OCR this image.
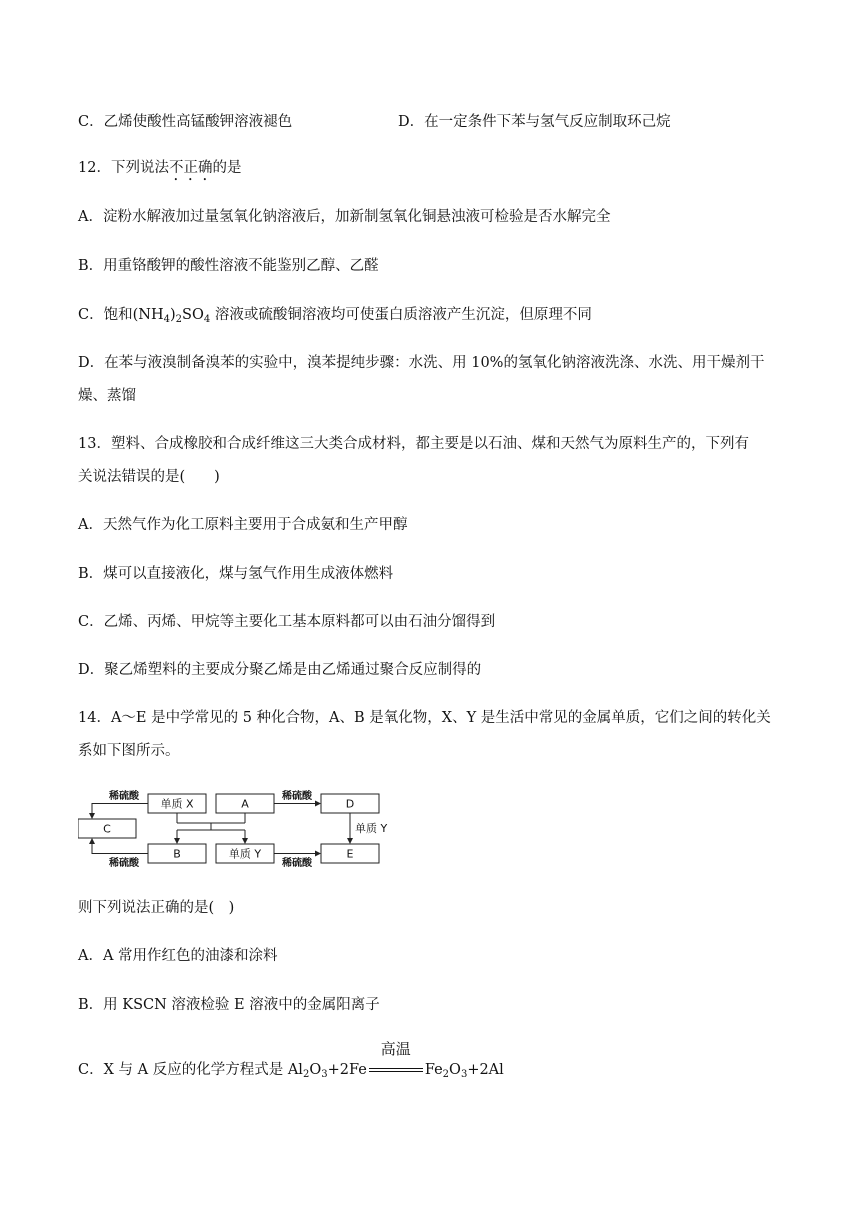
C．乙烯使酸性高锰酸钾溶液褪色	D．在一定条件下苯与氢气反应制取环己烷
12．下列说法不正确的是
A．淀粉水解液加过量氢氧化钠溶液后，加新制氢氧化铜悬浊液可检验是否水解完全
B．用重铬酸钾的酸性溶液不能鉴别乙醇、乙醛
C．饱和$(NH_4)_2SO_4$ 溶液或硫酸铜溶液均可使蛋白质溶液产生沉淀，但原理不同
D．在苯与液溴制备溴苯的实验中，溴苯提纯步骤：水洗、用 10%的氢氧化钠溶液洗涤、水洗、用干燥剂干
燥、蒸馏
13．塑料、合成橡胶和合成纤维这三大类合成材料，都主要是以石油、煤和天然气为原料生产的，下列有
关说法错误的是(　　)
A．天然气作为化工原料主要用于合成氨和生产甲醇
B．煤可以直接液化，煤与氢气作用生成液体燃料
C．乙烯、丙烯、甲烷等主要化工基本原料都可以由石油分馏得到
D．聚乙烯塑料的主要成分聚乙烯是由乙烯通过聚合反应制得的
14．A～E 是中学常见的 5 种化合物，A、B 是氧化物，X、Y 是生活中常见的金属单质，它们之间的转化关
系如下图所示。
单质 X	A	D
C
B	单质 Y	E
稀硫酸	稀硫酸
稀硫酸	稀硫酸
单质 Y
则下列说法正确的是(　)
A．A 常用作红色的油漆和涂料
B．用 KSCN 溶液检验 E 溶液中的金属阳离子
C．X 与 A 反应的化学方程式是 $Al_2O_3+2Fe$
高温
$Fe_2O_3+2Al$
